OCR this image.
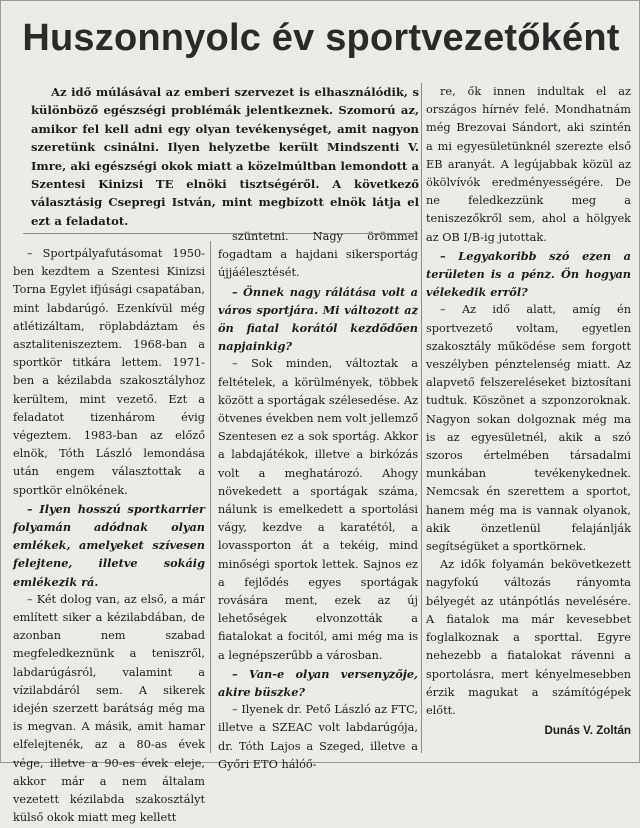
Huszonnyolc év sportvezetőként

Az idő múlásával az emberi szervezet is elhasználódik, s különböző egészségi problémák jelentkeznek. Szomorú az, amikor fel kell adni egy olyan tevékenységet, amit nagyon szeretünk csinálni. Ilyen helyzetbe került Mindszenti V. Imre, aki egészségi okok miatt a közelmúltban lemondott a Szentesi Kinizsi TE elnöki tisztségéről. A következő választásig Csepregi István, mint megbízott elnök látja el ezt a feladatot.

– Sportpályafutásomat 1950-ben kezdtem a Szentesi Kinizsi Torna Egylet ifjúsági csapatában, mint labdarúgó. Ezenkívül még atlétizáltam, röplabdáztam és asztaliteniszeztem. 1968-ban a sportkör titkára lettem. 1971-ben a kézilabda szakosztályhoz kerültem, mint vezető. Ezt a feladatot tizenhárom évig végeztem. 1983-ban az előző elnök, Tóth László lemondása után engem választottak a sportkör elnökének.

– Ilyen hosszú sportkarrier folyamán adódnak olyan emlékek, amelyeket szívesen felejtene, illetve sokáig emlékezik rá.

– Két dolog van, az első, a már említett siker a kézilabdában, de azonban nem szabad megfeledkeznünk a teniszről, labdarúgásról, valamint a vízilabdáról sem. A sikerek idején szerzett barátság még ma is megvan. A másik, amit hamar elfelejtenék, az a 80-as évek vége, illetve a 90-es évek eleje, akkor már a nem általam vezetett kézilabda szakosztályt külső okok miatt meg kellett

szüntetni. Nagy örömmel fogadtam a hajdani sikersportág újjáélesztését.

– Önnek nagy rálátása volt a város sportjára. Mi változott az ön fiatal korától kezdődően napjainkig?

– Sok minden, változtak a feltételek, a körülmények, többek között a sportágak szélesedése. Az ötvenes években nem volt jellemző Szentesen ez a sok sportág. Akkor a labdajátékok, illetve a birkózás volt a meghatározó. Ahogy növekedett a sportágak száma, nálunk is emelkedett a sportolási vágy, kezdve a karatétól, a lovassporton át a tekéig, mind minőségi sportok lettek. Sajnos ez a fejlődés egyes sportágak rovására ment, ezek az új lehetőségek elvonzották a fiatalokat a focitól, ami még ma is a legnépszerűbb a városban.

– Van-e olyan versenyzője, akire büszke?

– Ilyenek dr. Pető László az FTC, illetve a SZEAC volt labdarúgója, dr. Tóth Lajos a Szeged, illetve a Győri ETO hálóő-

re, ők innen indultak el az országos hírnév felé. Mondhatnám még Brezovai Sándort, aki szintén a mi egyesületünknél szerezte első EB aranyát. A legújabbak közül az ökölvívók eredményességére. De ne feledkezzünk meg a teniszezőkről sem, ahol a hölgyek az OB I/B-ig jutottak.

– Legyakoribb szó ezen a területen is a pénz. Ön hogyan vélekedik erről?

– Az idő alatt, amíg én sportvezető voltam, egyetlen szakosztály működése sem forgott veszélyben pénztelenség miatt. Az alapvető felszereléseket biztosítani tudtuk. Köszönet a szponzoroknak. Nagyon sokan dolgoznak még ma is az egyesületnél, akik a szó szoros értelmében társadalmi munkában tevékenykednek. Nemcsak én szerettem a sportot, hanem még ma is vannak olyanok, akik önzetlenül felajánlják segítségüket a sportkörnek.

Az idők folyamán bekövetkezett nagyfokú változás rányomta bélyegét az utánpótlás nevelésére. A fiatalok ma már kevesebbet foglalkoznak a sporttal. Egyre nehezebb a fiatalokat rávenni a sportolásra, mert kényelmesebben érzik magukat a számítógépek előtt.

Dunás V. Zoltán
